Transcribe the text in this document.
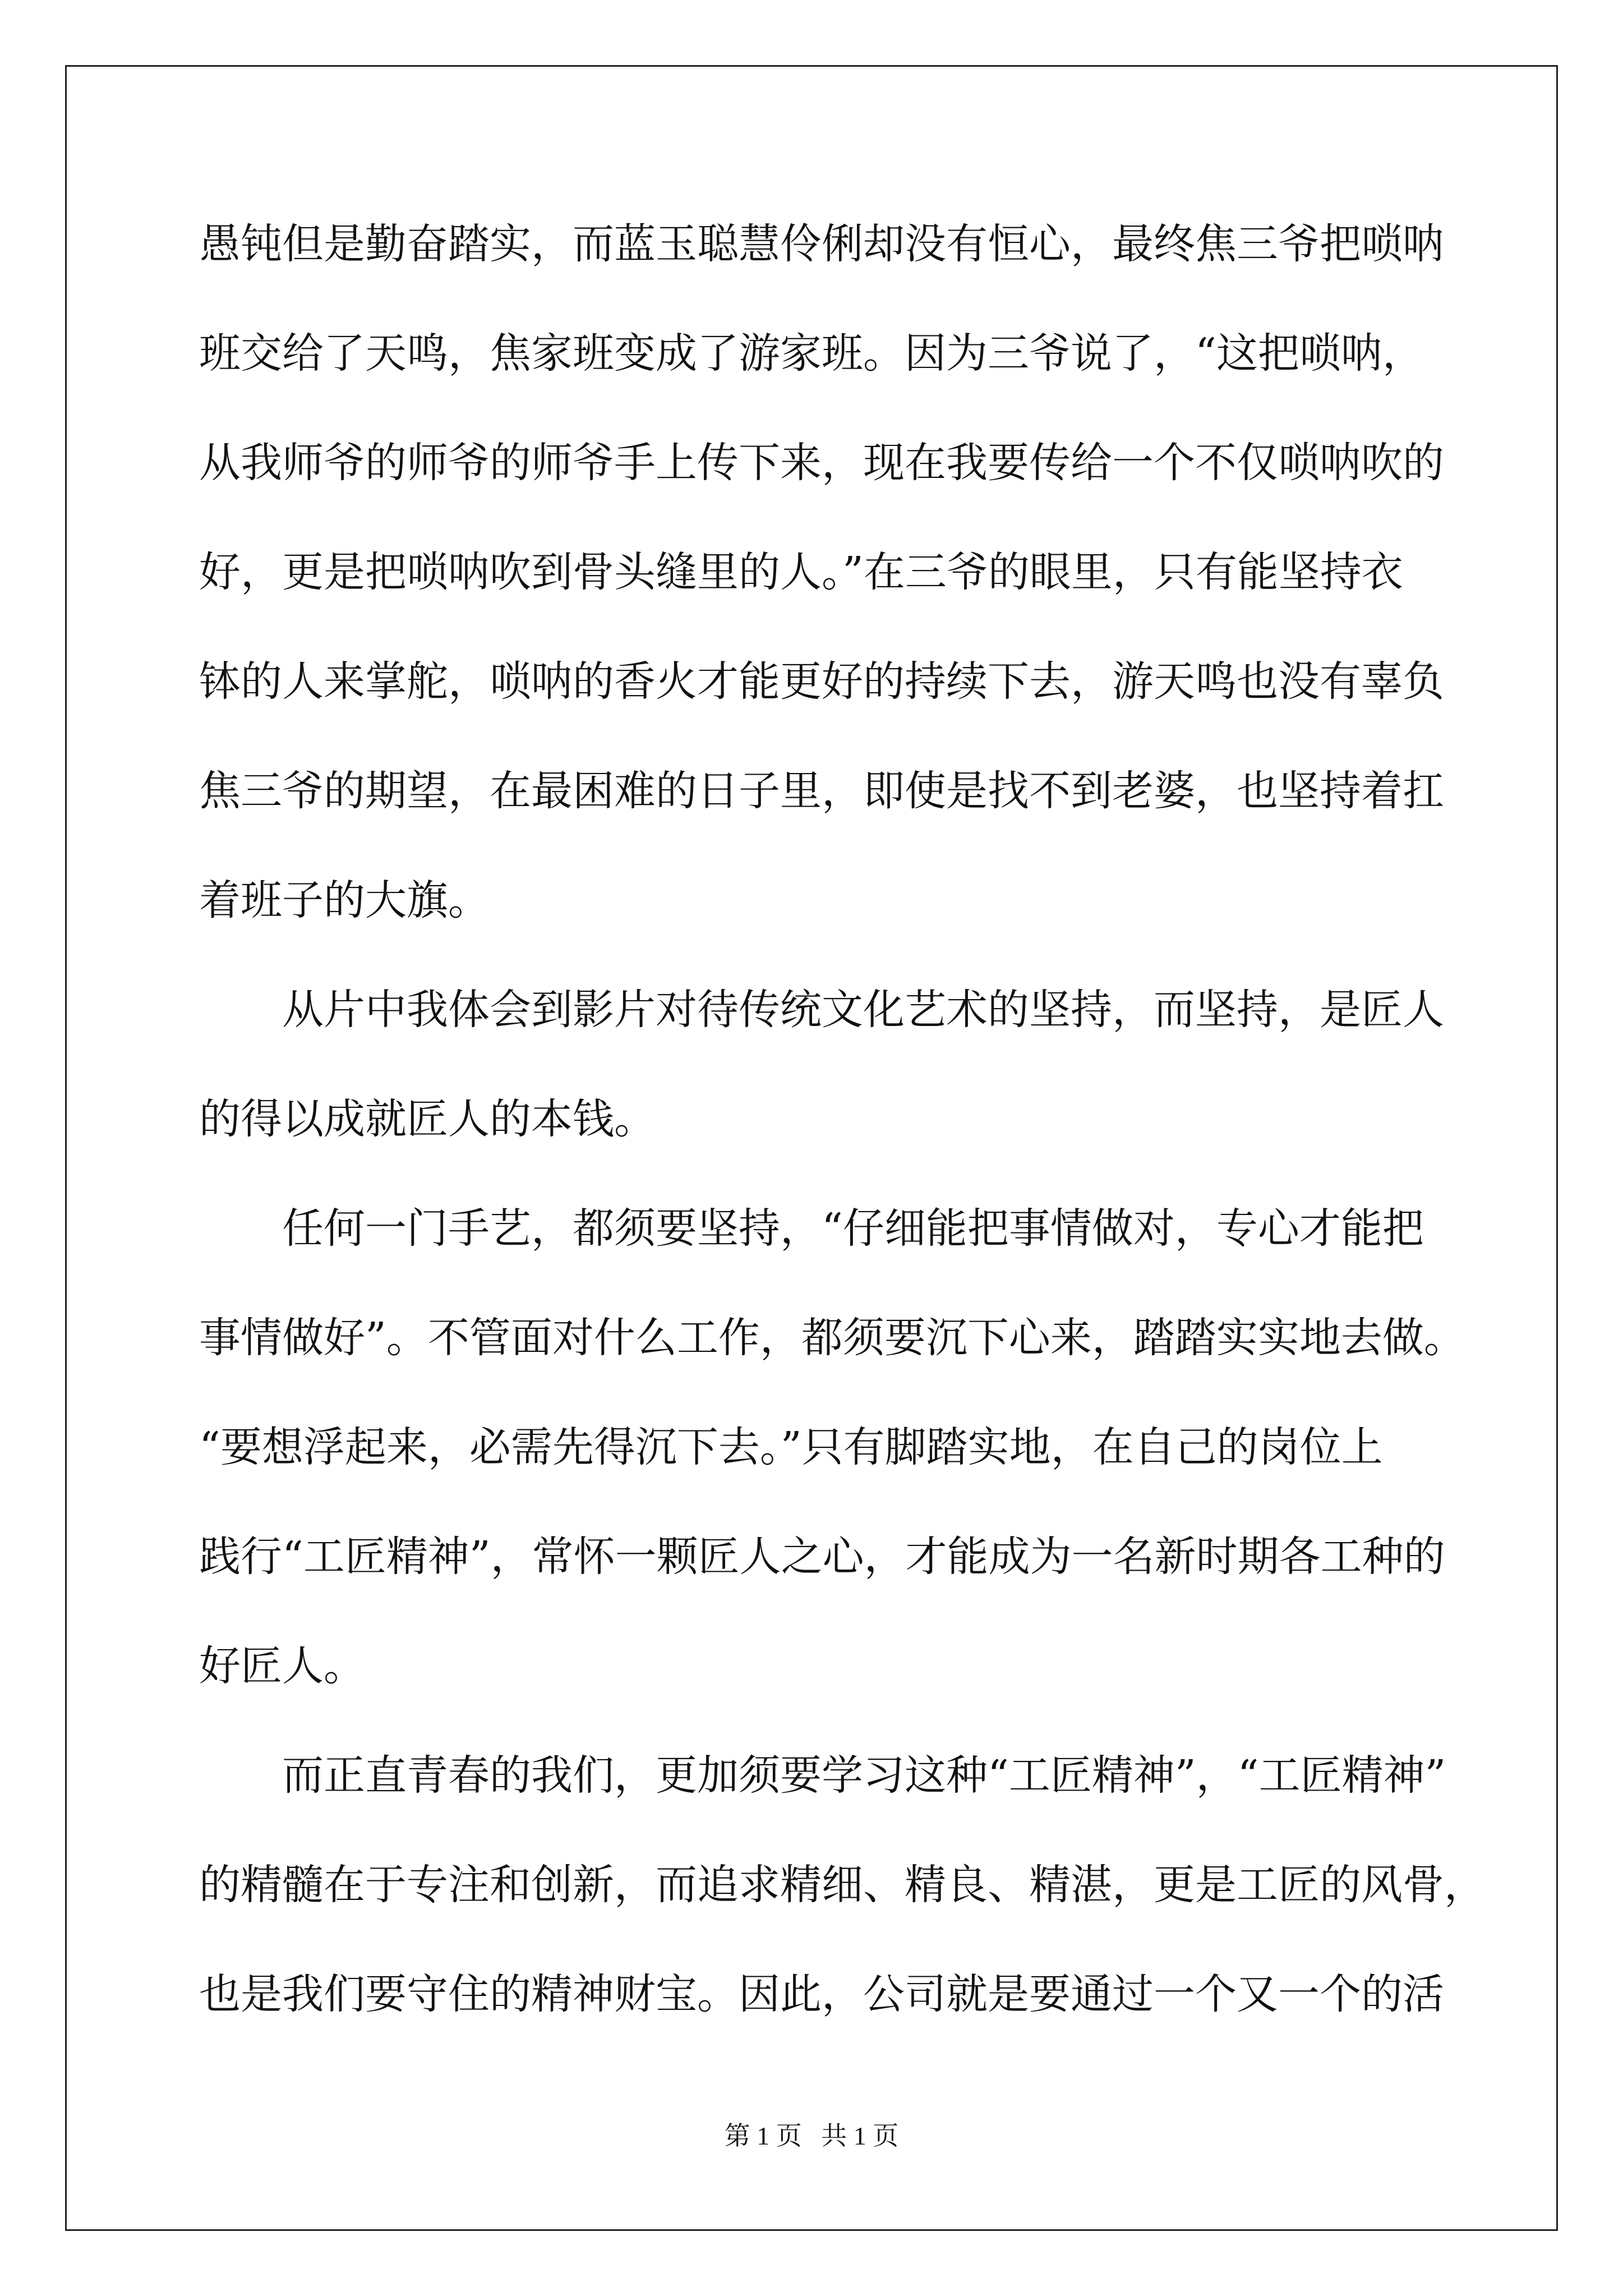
愚钝但是勤奋踏实，而蓝玉聪慧伶俐却没有恒心，最终焦三爷把唢呐
班交给了天鸣，焦家班变成了游家班。因为三爷说了，“这把唢呐，
从我师爷的师爷的师爷手上传下来，现在我要传给一个不仅唢呐吹的
好，更是把唢呐吹到骨头缝里的人。”在三爷的眼里，只有能坚持衣
钵的人来掌舵，唢呐的香火才能更好的持续下去，游天鸣也没有辜负
焦三爷的期望，在最困难的日子里，即使是找不到老婆，也坚持着扛
着班子的大旗。
从片中我体会到影片对待传统文化艺术的坚持，而坚持，是匠人
的得以成就匠人的本钱。
任何一门手艺，都须要坚持，“仔细能把事情做对，专心才能把
事情做好”。不管面对什么工作，都须要沉下心来，踏踏实实地去做。
“要想浮起来，必需先得沉下去。”只有脚踏实地，在自己的岗位上
践行“工匠精神”，常怀一颗匠人之心，才能成为一名新时期各工种的
好匠人。
而正直青春的我们，更加须要学习这种“工匠精神”，“工匠精神”
的精髓在于专注和创新，而追求精细、精良、精湛，更是工匠的风骨，
也是我们要守住的精神财宝。因此，公司就是要通过一个又一个的活
第 1 页   共 1 页
